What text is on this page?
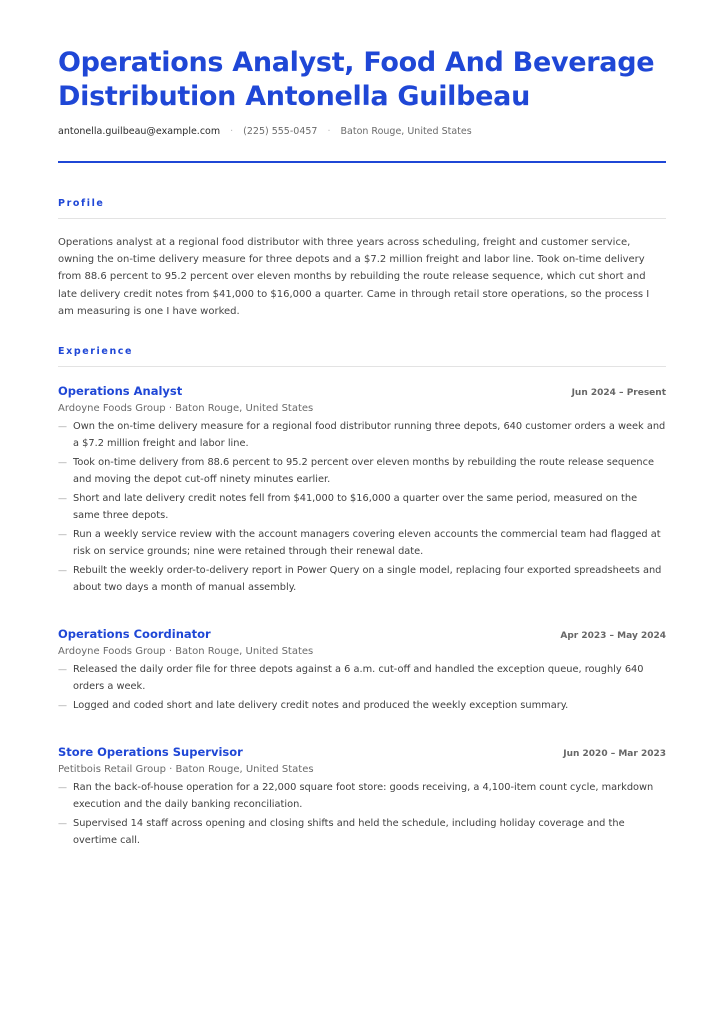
Operations Analyst, Food And Beverage Distribution Antonella Guilbeau
antonella.guilbeau@example.com · (225) 555-0457 · Baton Rouge, United States
Profile
Operations analyst at a regional food distributor with three years across scheduling, freight and customer service, owning the on-time delivery measure for three depots and a $7.2 million freight and labor line. Took on-time delivery from 88.6 percent to 95.2 percent over eleven months by rebuilding the route release sequence, which cut short and late delivery credit notes from $41,000 to $16,000 a quarter. Came in through retail store operations, so the process I am measuring is one I have worked.
Experience
Operations Analyst	Jun 2024 – Present
Ardoyne Foods Group · Baton Rouge, United States
— Own the on-time delivery measure for a regional food distributor running three depots, 640 customer orders a week and a $7.2 million freight and labor line.
— Took on-time delivery from 88.6 percent to 95.2 percent over eleven months by rebuilding the route release sequence and moving the depot cut-off ninety minutes earlier.
— Short and late delivery credit notes fell from $41,000 to $16,000 a quarter over the same period, measured on the same three depots.
— Run a weekly service review with the account managers covering eleven accounts the commercial team had flagged at risk on service grounds; nine were retained through their renewal date.
— Rebuilt the weekly order-to-delivery report in Power Query on a single model, replacing four exported spreadsheets and about two days a month of manual assembly.
Operations Coordinator	Apr 2023 – May 2024
Ardoyne Foods Group · Baton Rouge, United States
— Released the daily order file for three depots against a 6 a.m. cut-off and handled the exception queue, roughly 640 orders a week.
— Logged and coded short and late delivery credit notes and produced the weekly exception summary.
Store Operations Supervisor	Jun 2020 – Mar 2023
Petitbois Retail Group · Baton Rouge, United States
— Ran the back-of-house operation for a 22,000 square foot store: goods receiving, a 4,100-item count cycle, markdown execution and the daily banking reconciliation.
— Supervised 14 staff across opening and closing shifts and held the schedule, including holiday coverage and the overtime call.
